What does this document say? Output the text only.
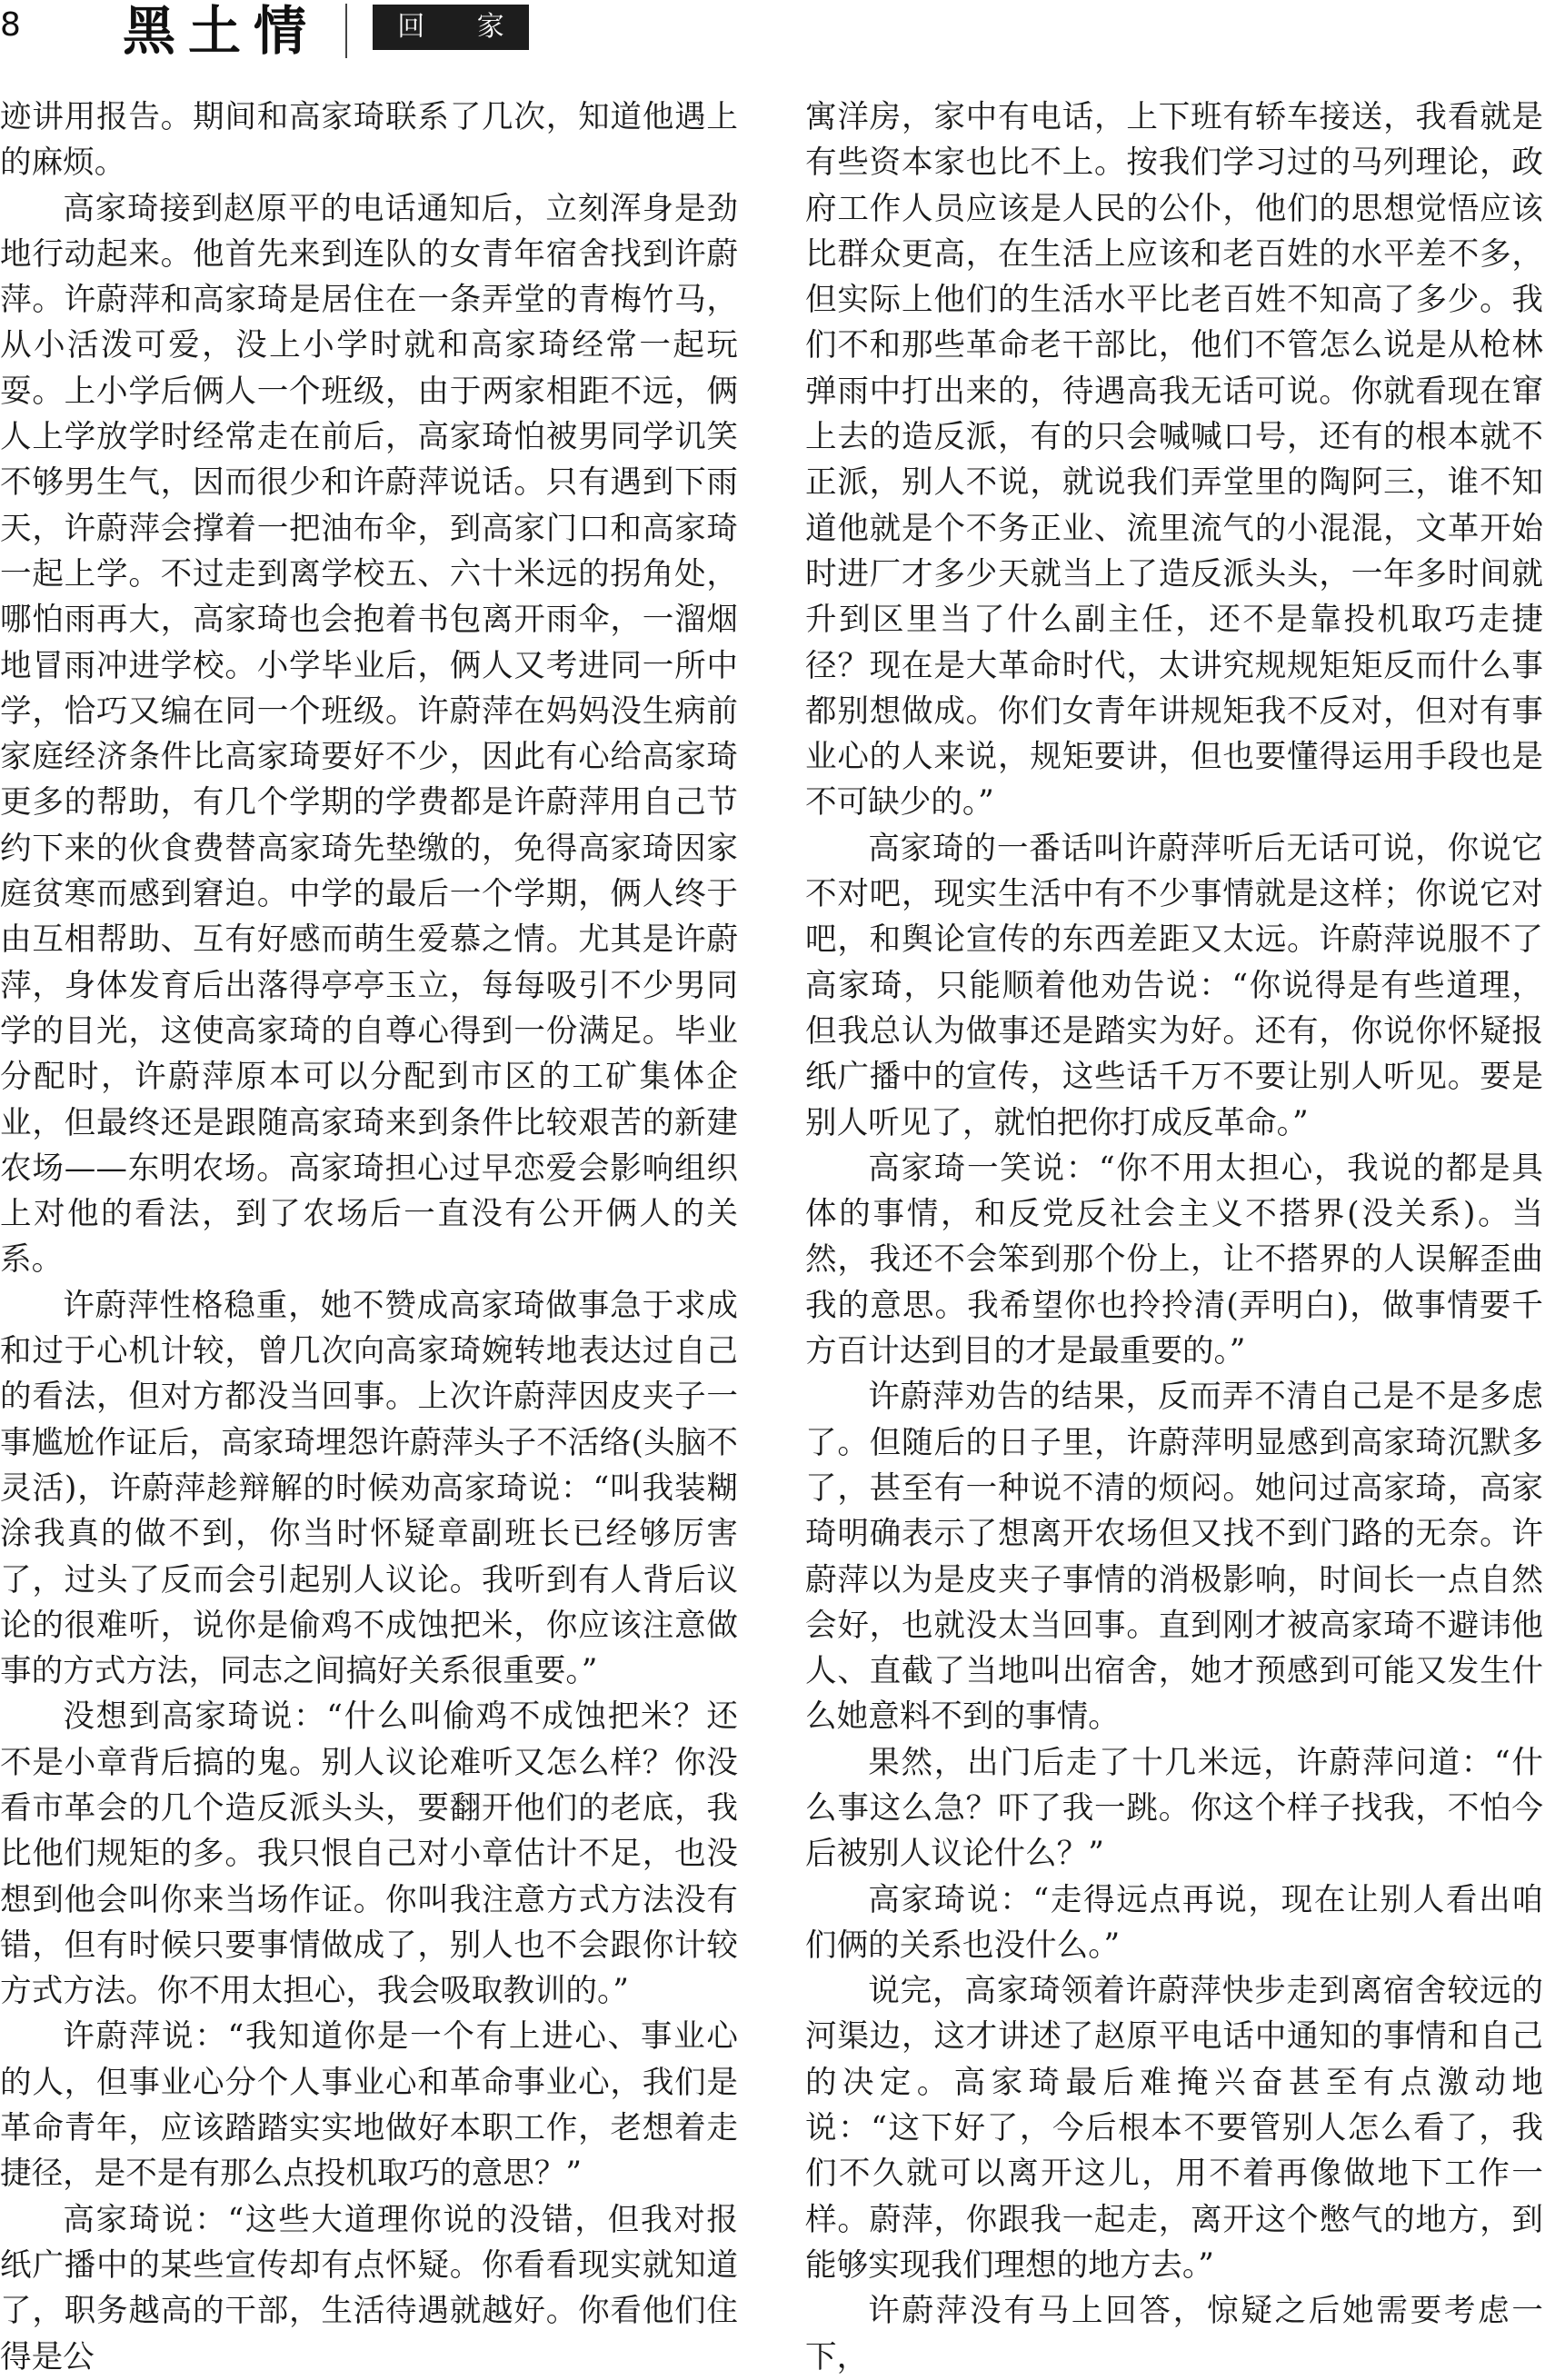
8 黑土情	回 家

迹讲用报告。期间和高家琦联系了几次，知道他遇上的麻烦。

高家琦接到赵原平的电话通知后，立刻浑身是劲地行动起来。他首先来到连队的女青年宿舍找到许蔚萍。许蔚萍和高家琦是居住在一条弄堂的青梅竹马，从小活泼可爱，没上小学时就和高家琦经常一起玩耍。上小学后俩人一个班级，由于两家相距不远，俩人上学放学时经常走在前后，高家琦怕被男同学讥笑不够男生气，因而很少和许蔚萍说话。只有遇到下雨天，许蔚萍会撑着一把油布伞，到高家门口和高家琦一起上学。不过走到离学校五、六十米远的拐角处，哪怕雨再大，高家琦也会抱着书包离开雨伞，一溜烟地冒雨冲进学校。小学毕业后，俩人又考进同一所中学，恰巧又编在同一个班级。许蔚萍在妈妈没生病前家庭经济条件比高家琦要好不少，因此有心给高家琦更多的帮助，有几个学期的学费都是许蔚萍用自己节约下来的伙食费替高家琦先垫缴的，免得高家琦因家庭贫寒而感到窘迫。中学的最后一个学期，俩人终于由互相帮助、互有好感而萌生爱慕之情。尤其是许蔚萍，身体发育后出落得亭亭玉立，每每吸引不少男同学的目光，这使高家琦的自尊心得到一份满足。毕业分配时，许蔚萍原本可以分配到市区的工矿集体企业，但最终还是跟随高家琦来到条件比较艰苦的新建农场——东明农场。高家琦担心过早恋爱会影响组织上对他的看法，到了农场后一直没有公开俩人的关系。

许蔚萍性格稳重，她不赞成高家琦做事急于求成和过于心机计较，曾几次向高家琦婉转地表达过自己的看法，但对方都没当回事。上次许蔚萍因皮夹子一事尴尬作证后，高家琦埋怨许蔚萍头子不活络(头脑不灵活)，许蔚萍趁辩解的时候劝高家琦说：“叫我装糊涂我真的做不到，你当时怀疑章副班长已经够厉害了，过头了反而会引起别人议论。我听到有人背后议论的很难听，说你是偷鸡不成蚀把米，你应该注意做事的方式方法，同志之间搞好关系很重要。”

没想到高家琦说：“什么叫偷鸡不成蚀把米？还不是小章背后搞的鬼。别人议论难听又怎么样？你没看市革会的几个造反派头头，要翻开他们的老底，我比他们规矩的多。我只恨自己对小章估计不足，也没想到他会叫你来当场作证。你叫我注意方式方法没有错，但有时候只要事情做成了，别人也不会跟你计较方式方法。你不用太担心，我会吸取教训的。”

许蔚萍说：“我知道你是一个有上进心、事业心的人，但事业心分个人事业心和革命事业心，我们是革命青年，应该踏踏实实地做好本职工作，老想着走捷径，是不是有那么点投机取巧的意思？”

高家琦说：“这些大道理你说的没错，但我对报纸广播中的某些宣传却有点怀疑。你看看现实就知道了，职务越高的干部，生活待遇就越好。你看他们住得是公

寓洋房，家中有电话，上下班有轿车接送，我看就是有些资本家也比不上。按我们学习过的马列理论，政府工作人员应该是人民的公仆，他们的思想觉悟应该比群众更高，在生活上应该和老百姓的水平差不多，但实际上他们的生活水平比老百姓不知高了多少。我们不和那些革命老干部比，他们不管怎么说是从枪林弹雨中打出来的，待遇高我无话可说。你就看现在窜上去的造反派，有的只会喊喊口号，还有的根本就不正派，别人不说，就说我们弄堂里的陶阿三，谁不知道他就是个不务正业、流里流气的小混混，文革开始时进厂才多少天就当上了造反派头头，一年多时间就升到区里当了什么副主任，还不是靠投机取巧走捷径？现在是大革命时代，太讲究规规矩矩反而什么事都别想做成。你们女青年讲规矩我不反对，但对有事业心的人来说，规矩要讲，但也要懂得运用手段也是不可缺少的。”

高家琦的一番话叫许蔚萍听后无话可说，你说它不对吧，现实生活中有不少事情就是这样；你说它对吧，和舆论宣传的东西差距又太远。许蔚萍说服不了高家琦，只能顺着他劝告说：“你说得是有些道理，但我总认为做事还是踏实为好。还有，你说你怀疑报纸广播中的宣传，这些话千万不要让别人听见。要是别人听见了，就怕把你打成反革命。”

高家琦一笑说：“你不用太担心，我说的都是具体的事情，和反党反社会主义不搭界(没关系)。当然，我还不会笨到那个份上，让不搭界的人误解歪曲我的意思。我希望你也拎拎清(弄明白)，做事情要千方百计达到目的才是最重要的。”

许蔚萍劝告的结果，反而弄不清自己是不是多虑了。但随后的日子里，许蔚萍明显感到高家琦沉默多了，甚至有一种说不清的烦闷。她问过高家琦，高家琦明确表示了想离开农场但又找不到门路的无奈。许蔚萍以为是皮夹子事情的消极影响，时间长一点自然会好，也就没太当回事。直到刚才被高家琦不避讳他人、直截了当地叫出宿舍，她才预感到可能又发生什么她意料不到的事情。

果然，出门后走了十几米远，许蔚萍问道：“什么事这么急？吓了我一跳。你这个样子找我，不怕今后被别人议论什么？”

高家琦说：“走得远点再说，现在让别人看出咱们俩的关系也没什么。”

说完，高家琦领着许蔚萍快步走到离宿舍较远的河渠边，这才讲述了赵原平电话中通知的事情和自己的决定。高家琦最后难掩兴奋甚至有点激动地说：“这下好了，今后根本不要管别人怎么看了，我们不久就可以离开这儿，用不着再像做地下工作一样。蔚萍，你跟我一起走，离开这个憋气的地方，到能够实现我们理想的地方去。”

许蔚萍没有马上回答，惊疑之后她需要考虑一下，
